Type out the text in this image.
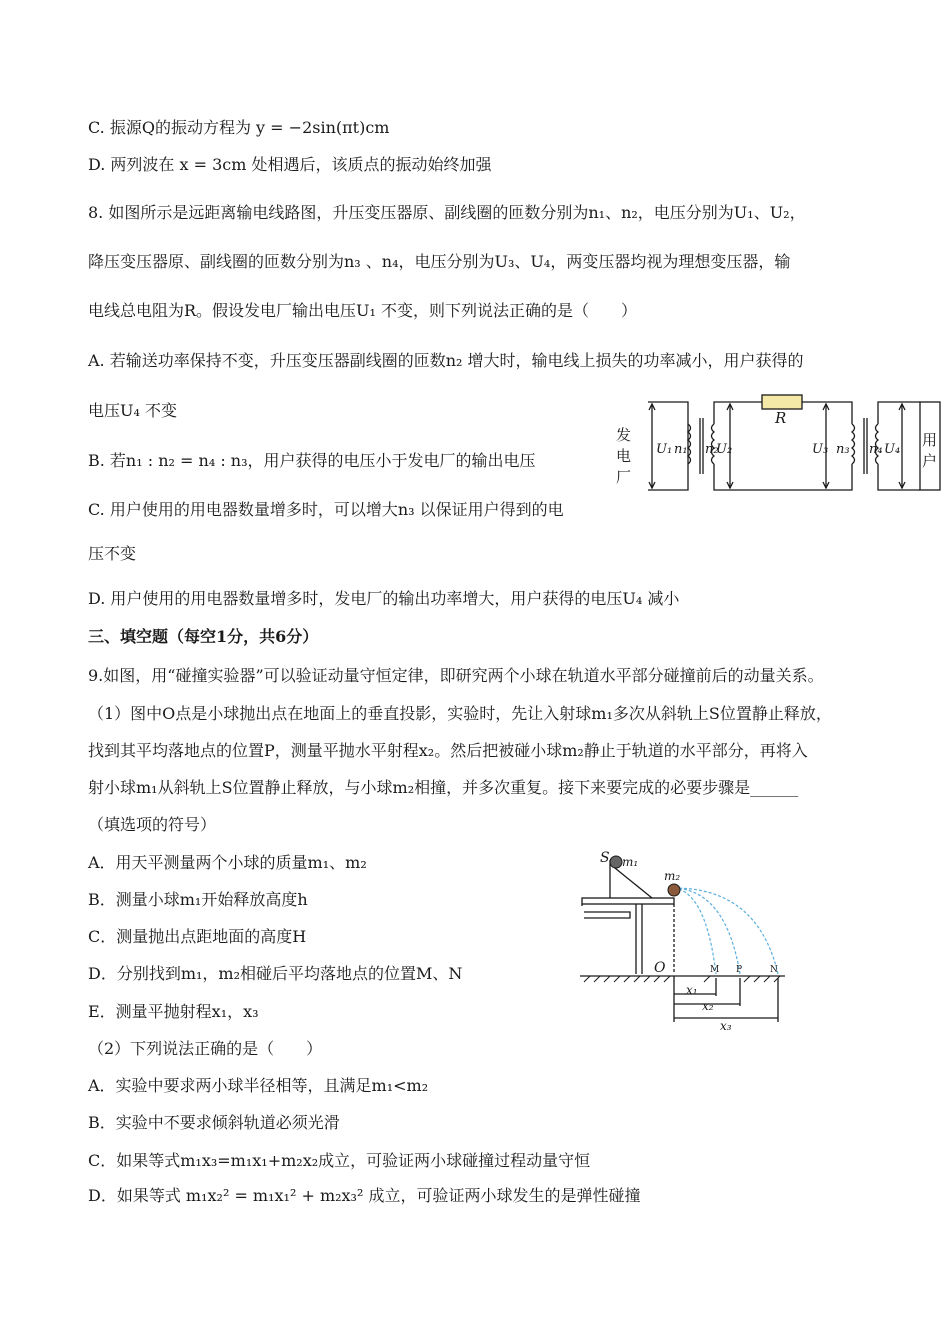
C. 振源Q的振动方程为 y = −2sin(πt)cm
D. 两列波在 x = 3cm 处相遇后，该质点的振动始终加强
8. 如图所示是远距离输电线路图，升压变压器原、副线圈的匝数分别为n₁、n₂，电压分别为U₁、U₂，
降压变压器原、副线圈的匝数分别为n₃ 、n₄，电压分别为U₃、U₄，两变压器均视为理想变压器，输
电线总电阻为R。假设发电厂输出电压U₁ 不变，则下列说法正确的是（　　）
A. 若输送功率保持不变，升压变压器副线圈的匝数n₂ 增大时，输电线上损失的功率减小，用户获得的
电压U₄ 不变
B. 若n₁ : n₂ = n₄ : n₃，用户获得的电压小于发电厂的输出电压
C. 用户使用的用电器数量增多时，可以增大n₃ 以保证用户得到的电
压不变
D. 用户使用的用电器数量增多时，发电厂的输出功率增大，用户获得的电压U₄ 减小
R
发
电
厂
用
户
U₁ n₁ n₂
U₂	U₃ n₃ n₄ U₄
三、填空题（每空1分，共6分）
9.如图，用“碰撞实验器”可以验证动量守恒定律，即研究两个小球在轨道水平部分碰撞前后的动量关系。
（1）图中O点是小球抛出点在地面上的垂直投影，实验时，先让入射球m₁多次从斜轨上S位置静止释放，
找到其平均落地点的位置P，测量平抛水平射程x₂。然后把被碰小球m₂静止于轨道的水平部分，再将入
射小球m₁从斜轨上S位置静止释放，与小球m₂相撞，并多次重复。接下来要完成的必要步骤是______
（填选项的符号）
A．用天平测量两个小球的质量m₁、m₂
B．测量小球m₁开始释放高度h
C．测量抛出点距地面的高度H
D．分别找到m₁，m₂相碰后平均落地点的位置M、N
E．测量平抛射程x₁，x₃
（2）下列说法正确的是（　　）
A．实验中要求两小球半径相等，且满足m₁<m₂
B．实验中不要求倾斜轨道必须光滑
C．如果等式m₁x₃=m₁x₁+m₂x₂成立，可验证两小球碰撞过程动量守恒
D．如果等式 m₁x₂² = m₁x₁² + m₂x₃² 成立，可验证两小球发生的是弹性碰撞
S m₁
m₂
O
x₁
x₂
x₃
M P	N
